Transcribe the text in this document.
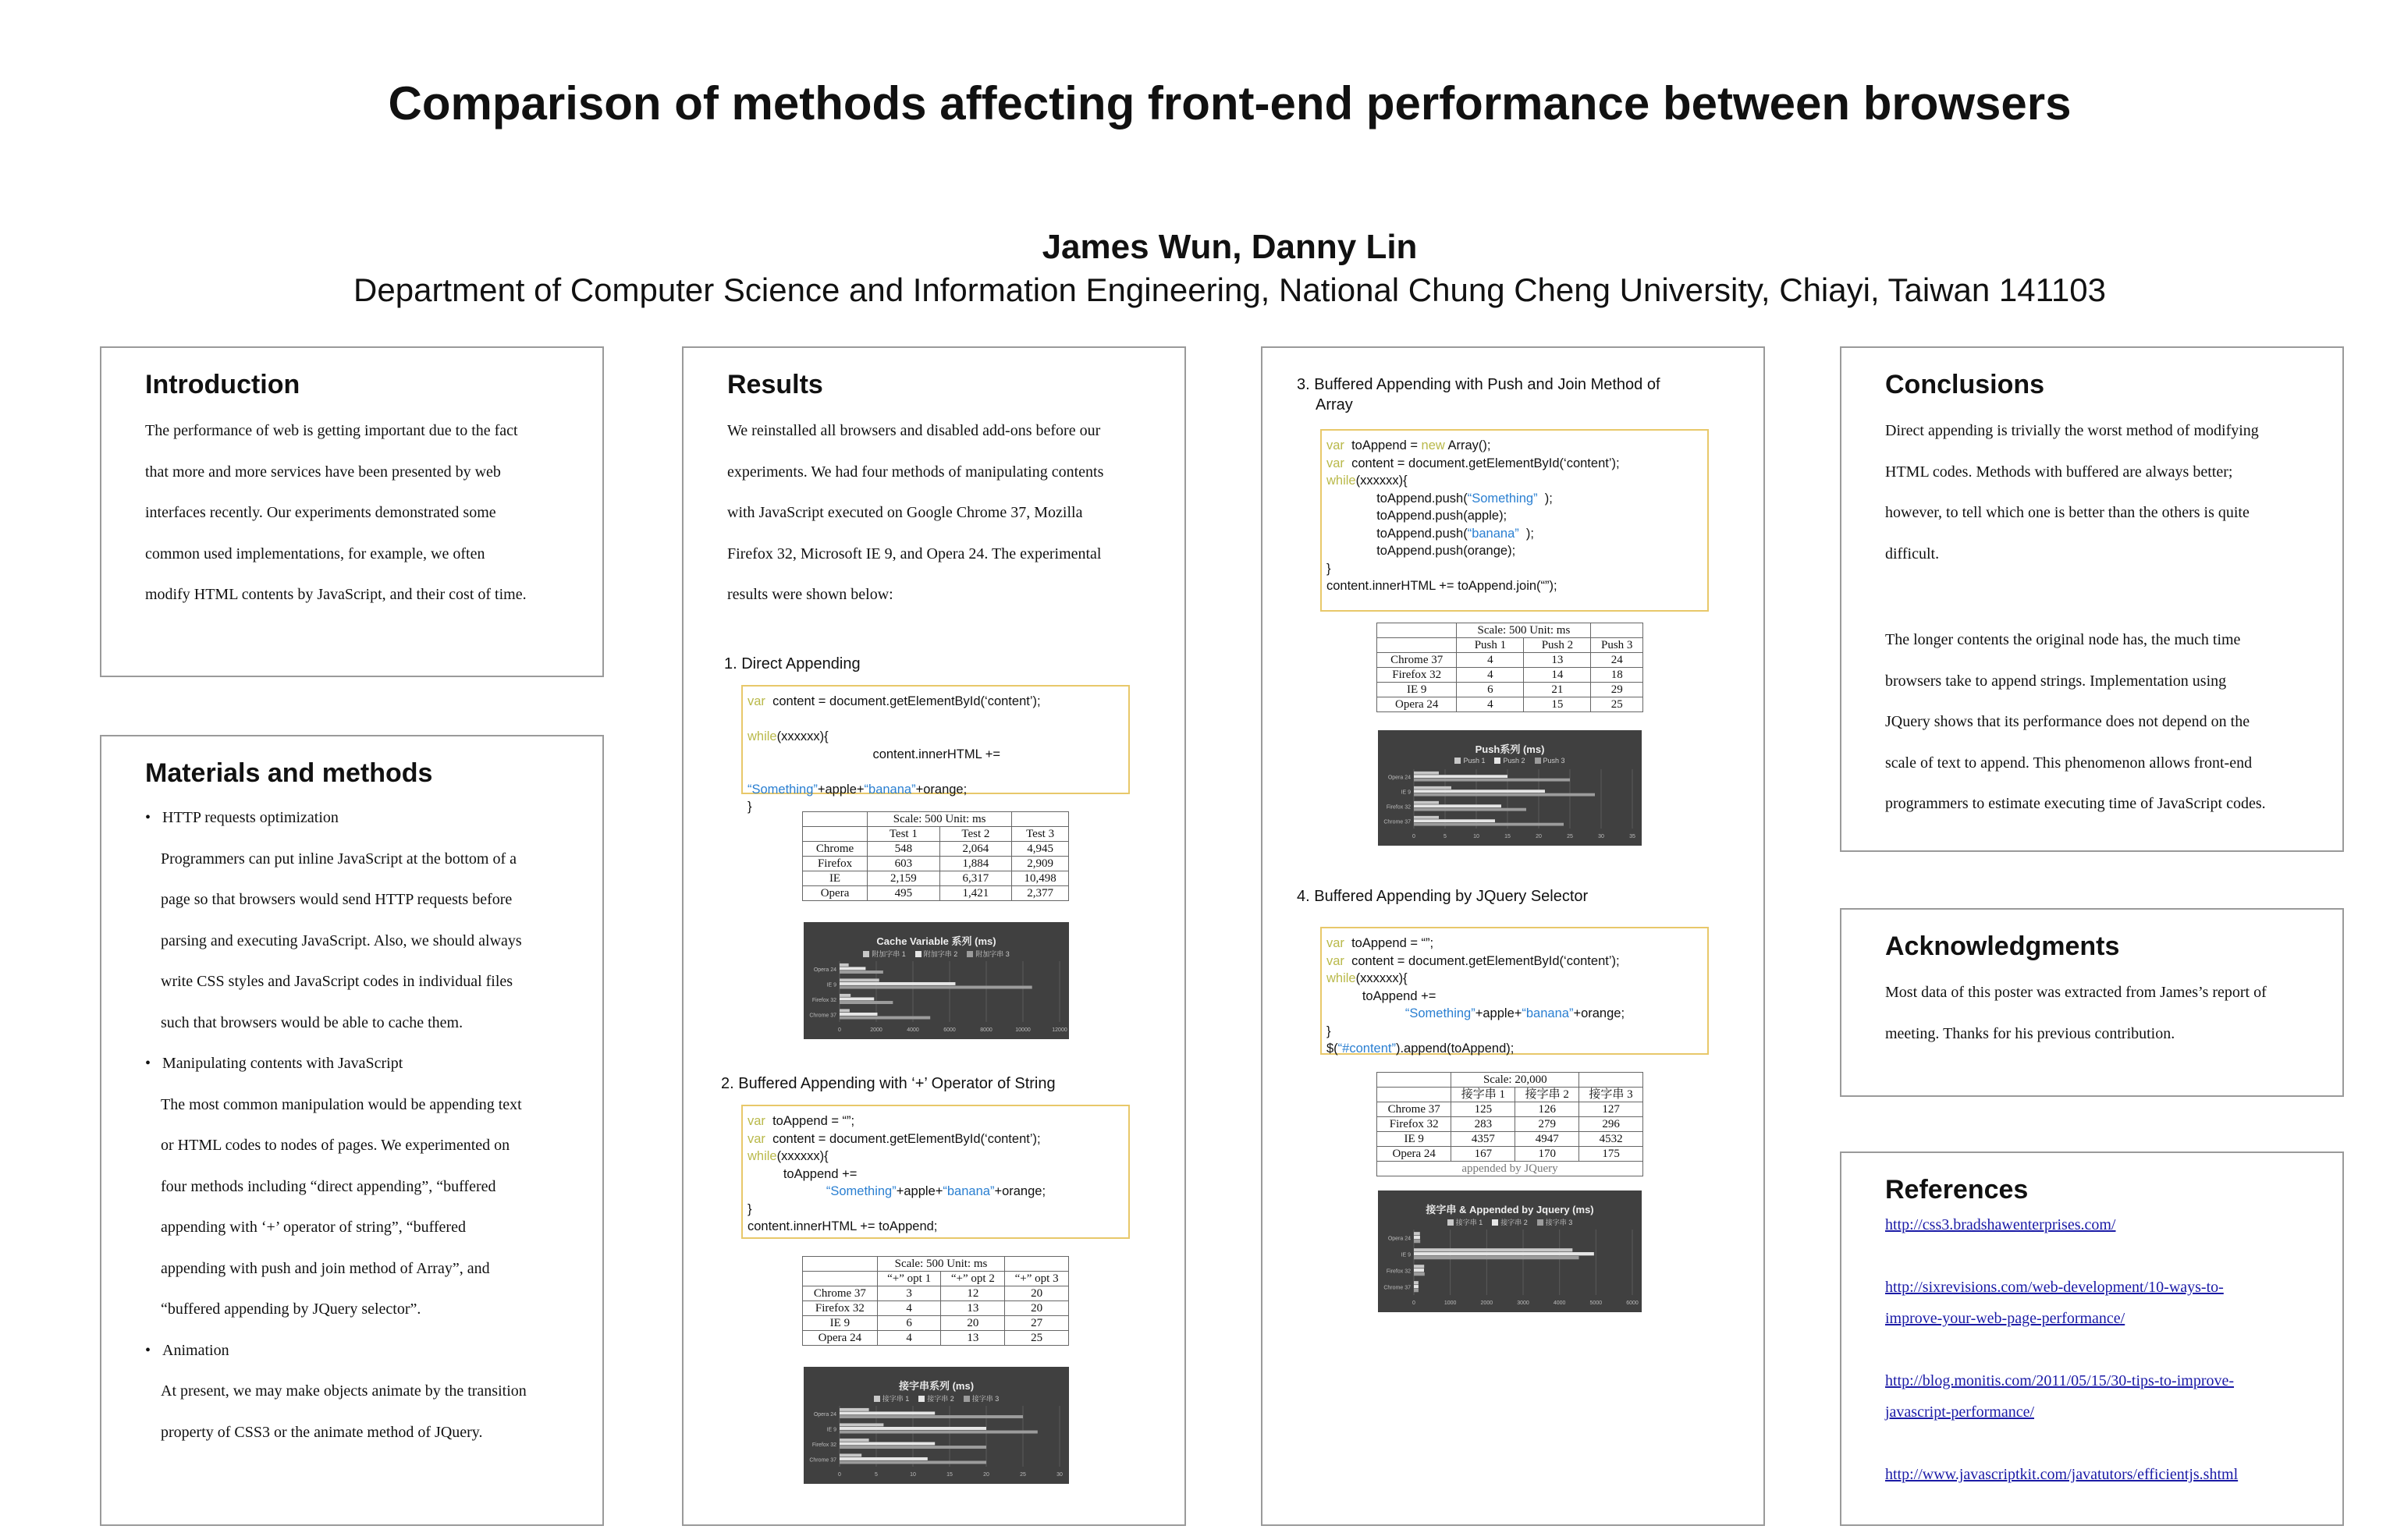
Comparison of methods affecting front-end performance between browsers
James Wun, Danny Lin
Department of Computer Science and Information Engineering, National Chung Cheng University, Chiayi, Taiwan 141103
Introduction
The performance of web is getting important due to the fact
that more and more services have been presented by web
interfaces recently. Our experiments demonstrated some
common used implementations, for example, we often
modify HTML contents by JavaScript, and their cost of time.
Materials and methods
•   HTTP requests optimization
Programmers can put inline JavaScript at the bottom of a
page so that browsers would send HTTP requests before
parsing and executing JavaScript. Also, we should always
write CSS styles and JavaScript codes in individual files
such that browsers would be able to cache them.
•   Manipulating contents with JavaScript
The most common manipulation would be appending text
or HTML codes to nodes of pages. We experimented on
four methods including “direct appending”, “buffered
appending with ‘+’ operator of string”, “buffered
appending with push and join method of Array”, and
“buffered appending by JQuery selector”.
•   Animation
At present, we may make objects animate by the transition
property of CSS3 or the animate method of JQuery.
Results
We reinstalled all browsers and disabled add-ons before our
experiments. We had four methods of manipulating contents
with JavaScript executed on Google Chrome 37, Mozilla
Firefox 32, Microsoft IE 9, and Opera 24. The experimental
results were shown below:
1. Direct Appending
var  content = document.getElementById(‘content’);

while(xxxxxx){
content.innerHTML +=

“Something”+apple+“banana”+orange;
}
	Scale: 500 Unit: ms		
	Test 1	Test 2	Test 3
Chrome	548	2,064	4,945
Firefox	603	1,884	2,909
IE	2,159	6,317	10,498
Opera	495	1,421	2,377
Cache Variable 系列 (ms)
附加字串 1	附加字串 2	附加字串 3
0	2000	4000	6000	8000	10000	12000
Opera 24
IE 9
Firefox 32
Chrome 37
2. Buffered Appending with ‘+’ Operator of String
var  toAppend = “”;
var  content = document.getElementById(‘content’);
while(xxxxxx){
toAppend +=
“Something”+apple+“banana”+orange;
}
content.innerHTML += toAppend;
	Scale: 500 Unit: ms		
	“+” opt 1	“+” opt 2	“+” opt 3
Chrome 37	3	12	20
Firefox 32	4	13	20
IE 9	6	20	27
Opera 24	4	13	25
接字串系列 (ms)
接字串 1	接字串 2	接字串 3
0	5	10	15	20	25	30
Opera 24
IE 9
Firefox 32
Chrome 37
3. Buffered Appending with Push and Join Method of
Array
var  toAppend = new Array();
var  content = document.getElementById(‘content’);
while(xxxxxx){
toAppend.push(“Something”  );
toAppend.push(apple);
toAppend.push(“banana”  );
toAppend.push(orange);
}
content.innerHTML += toAppend.join(“”);
	Scale: 500 Unit: ms		
	Push 1	Push 2	Push 3
Chrome 37	4	13	24
Firefox 32	4	14	18
IE 9	6	21	29
Opera 24	4	15	25
Push系列 (ms)
Push 1	Push 2	Push 3
0	5	10	15	20	25	30	35
Opera 24
IE 9
Firefox 32
Chrome 37
4. Buffered Appending by JQuery Selector
var  toAppend = “”;
var  content = document.getElementById(‘content’);
while(xxxxxx){
toAppend +=
“Something”+apple+“banana”+orange;
}
$(“#content”).append(toAppend);
	Scale: 20,000		
	接字串 1	接字串 2	接字串 3
Chrome 37	125	126	127
Firefox 32	283	279	296
IE 9	4357	4947	4532
Opera 24	167	170	175
appended by JQuery			
接字串 & Appended by Jquery (ms)
接字串 1	接字串 2	接字串 3
0	1000	2000	3000	4000	5000	6000
Opera 24
IE 9
Firefox 32
Chrome 37
Conclusions
Direct appending is trivially the worst method of modifying
HTML codes. Methods with buffered are always better;
however, to tell which one is better than the others is quite
difficult.
The longer contents the original node has, the much time
browsers take to append strings. Implementation using
JQuery shows that its performance does not depend on the
scale of text to append. This phenomenon allows front-end
programmers to estimate executing time of JavaScript codes.
Acknowledgments
Most data of this poster was extracted from James’s report of
meeting. Thanks for his previous contribution.
References
http://css3.bradshawenterprises.com/
http://sixrevisions.com/web-development/10-ways-to-
improve-your-web-page-performance/
http://blog.monitis.com/2011/05/15/30-tips-to-improve-
javascript-performance/
http://www.javascriptkit.com/javatutors/efficientjs.shtml
